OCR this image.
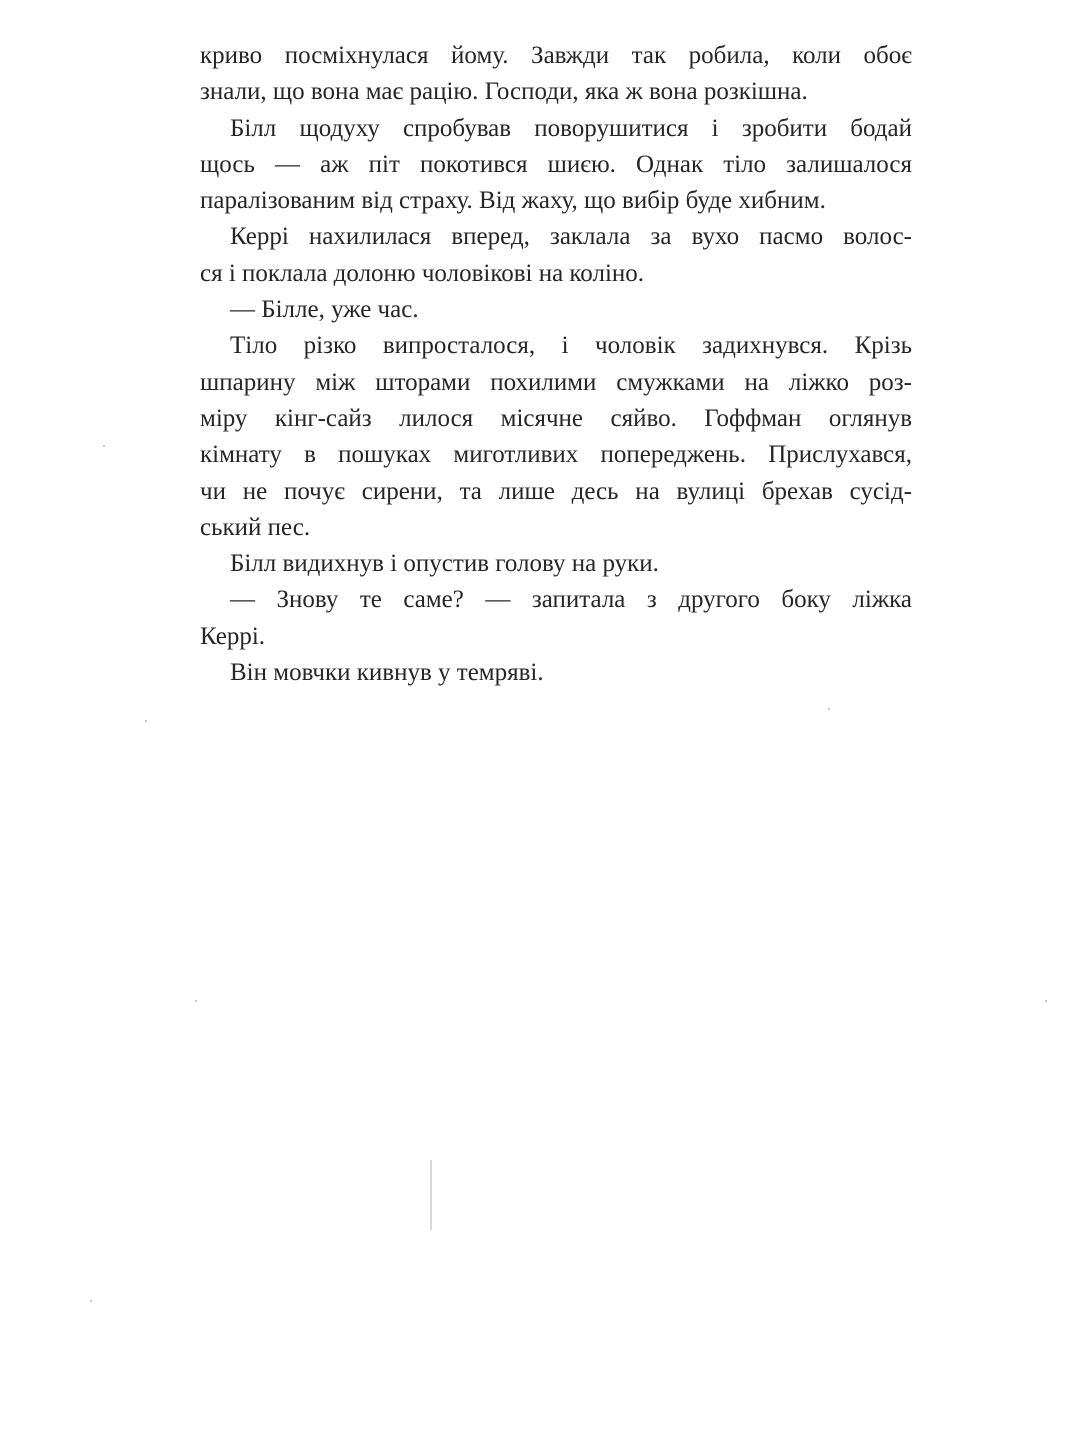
криво посміхнулася йому. Завжди так робила, коли обоє
знали, що вона має рацію. Господи, яка ж вона розкішна.
Білл щодуху спробував поворушитися і зробити бодай
щось — аж піт покотився шиєю. Однак тіло залишалося
паралізованим від страху. Від жаху, що вибір буде хибним.
Керрі нахилилася вперед, заклала за вухо пасмо волос-
ся і поклала долоню чоловікові на коліно.
— Білле, уже час.
Тіло різко випросталося, і чоловік задихнувся. Крізь
шпарину між шторами похилими смужками на ліжко роз-
міру кінг-сайз лилося місячне сяйво. Гоффман оглянув
кімнату в пошуках миготливих попереджень. Прислухався,
чи не почує сирени, та лише десь на вулиці брехав сусід-
ський пес.
Білл видихнув і опустив голову на руки.
— Знову те саме? — запитала з другого боку ліжка
Керрі.
Він мовчки кивнув у темряві.
